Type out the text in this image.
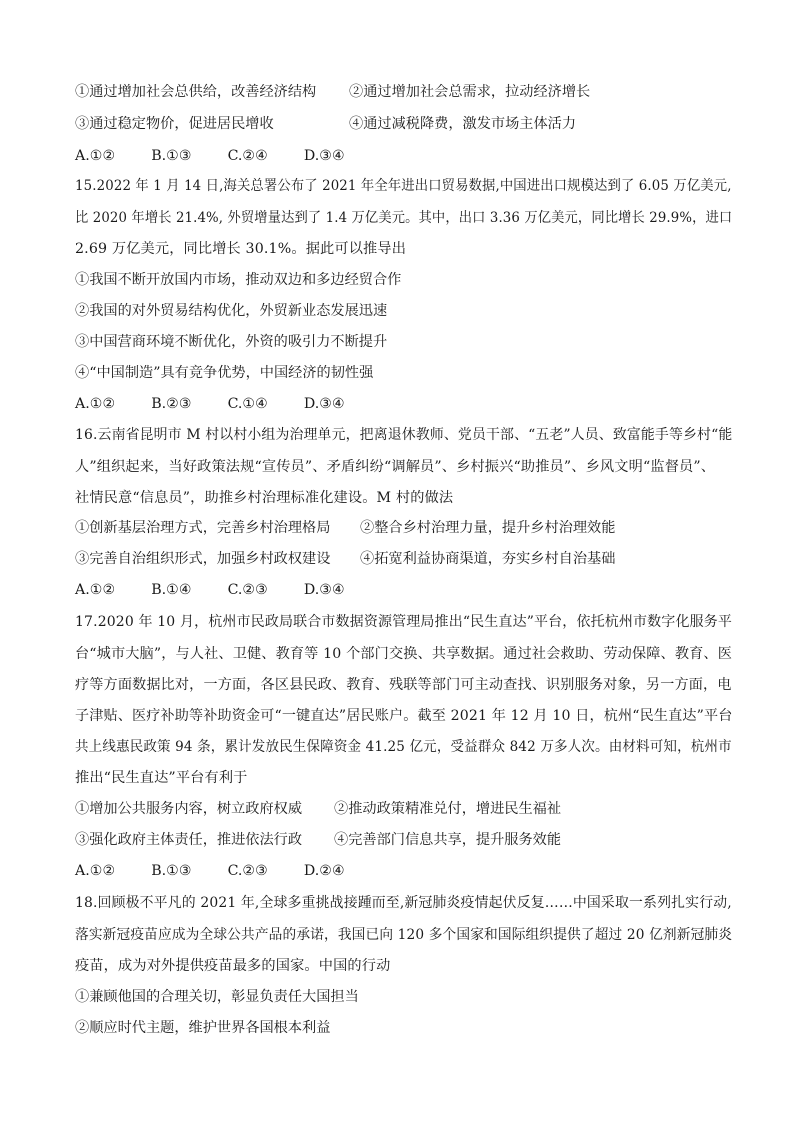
①通过增加社会总供给，改善经济结构 ②通过增加社会总需求，拉动经济增长
③通过稳定物价，促进居民增收	④通过减税降费，激发市场主体活力
A.①②	B.①③	C.②④	D.③④
15.2022 年 1 月 14 日,海关总署公布了 2021 年全年进出口贸易数据,中国进出口规模达到了 6.05 万亿美元,
比 2020 年增长 21.4%, 外贸增量达到了 1.4 万亿美元。其中，出口 3.36 万亿美元，同比增长 29.9%，进口
2.69 万亿美元，同比增长 30.1%。据此可以推导出
①我国不断开放国内市场，推动双边和多边经贸合作
②我国的对外贸易结构优化，外贸新业态发展迅速
③中国营商环境不断优化，外资的吸引力不断提升
④“中国制造”具有竞争优势，中国经济的韧性强
A.①②	B.②③	C.①④	D.③④
16.云南省昆明市 M 村以村小组为治理单元，把离退休教师、党员干部、“五老”人员、致富能手等乡村“能
人”组织起来，当好政策法规“宣传员”、矛盾纠纷“调解员”、乡村振兴“助推员”、乡风文明“监督员”、
社情民意“信息员”，助推乡村治理标准化建设。M 村的做法
①创新基层治理方式，完善乡村治理格局 ②整合乡村治理力量，提升乡村治理效能
③完善自治组织形式，加强乡村政权建设 ④拓宽利益协商渠道，夯实乡村自治基础
A.①②	B.①④	C.②③	D.③④
17.2020 年 10 月，杭州市民政局联合市数据资源管理局推出“民生直达”平台，依托杭州市数字化服务平
台“城市大脑”，与人社、卫健、教育等 10 个部门交换、共享数据。通过社会救助、劳动保障、教育、医
疗等方面数据比对，一方面，各区县民政、教育、残联等部门可主动查找、识别服务对象，另一方面，电
子津贴、医疗补助等补助资金可“一键直达”居民账户。截至 2021 年 12 月 10 日，杭州“民生直达”平台
共上线惠民政策 94 条，累计发放民生保障资金 41.25 亿元，受益群众 842 万多人次。由材料可知，杭州市
推出“民生直达”平台有利于
①增加公共服务内容，树立政府权威 ②推动政策精准兑付，增进民生福祉
③强化政府主体责任，推进依法行政 ④完善部门信息共享，提升服务效能
A.①②	B.①③	C.②③	D.②④
18.回顾极不平凡的 2021 年,全球多重挑战接踵而至,新冠肺炎疫情起伏反复……中国采取一系列扎实行动,
落实新冠疫苗应成为全球公共产品的承诺，我国已向 120 多个国家和国际组织提供了超过 20 亿剂新冠肺炎
疫苗，成为对外提供疫苗最多的国家。中国的行动
①兼顾他国的合理关切，彰显负责任大国担当
②顺应时代主题，维护世界各国根本利益
